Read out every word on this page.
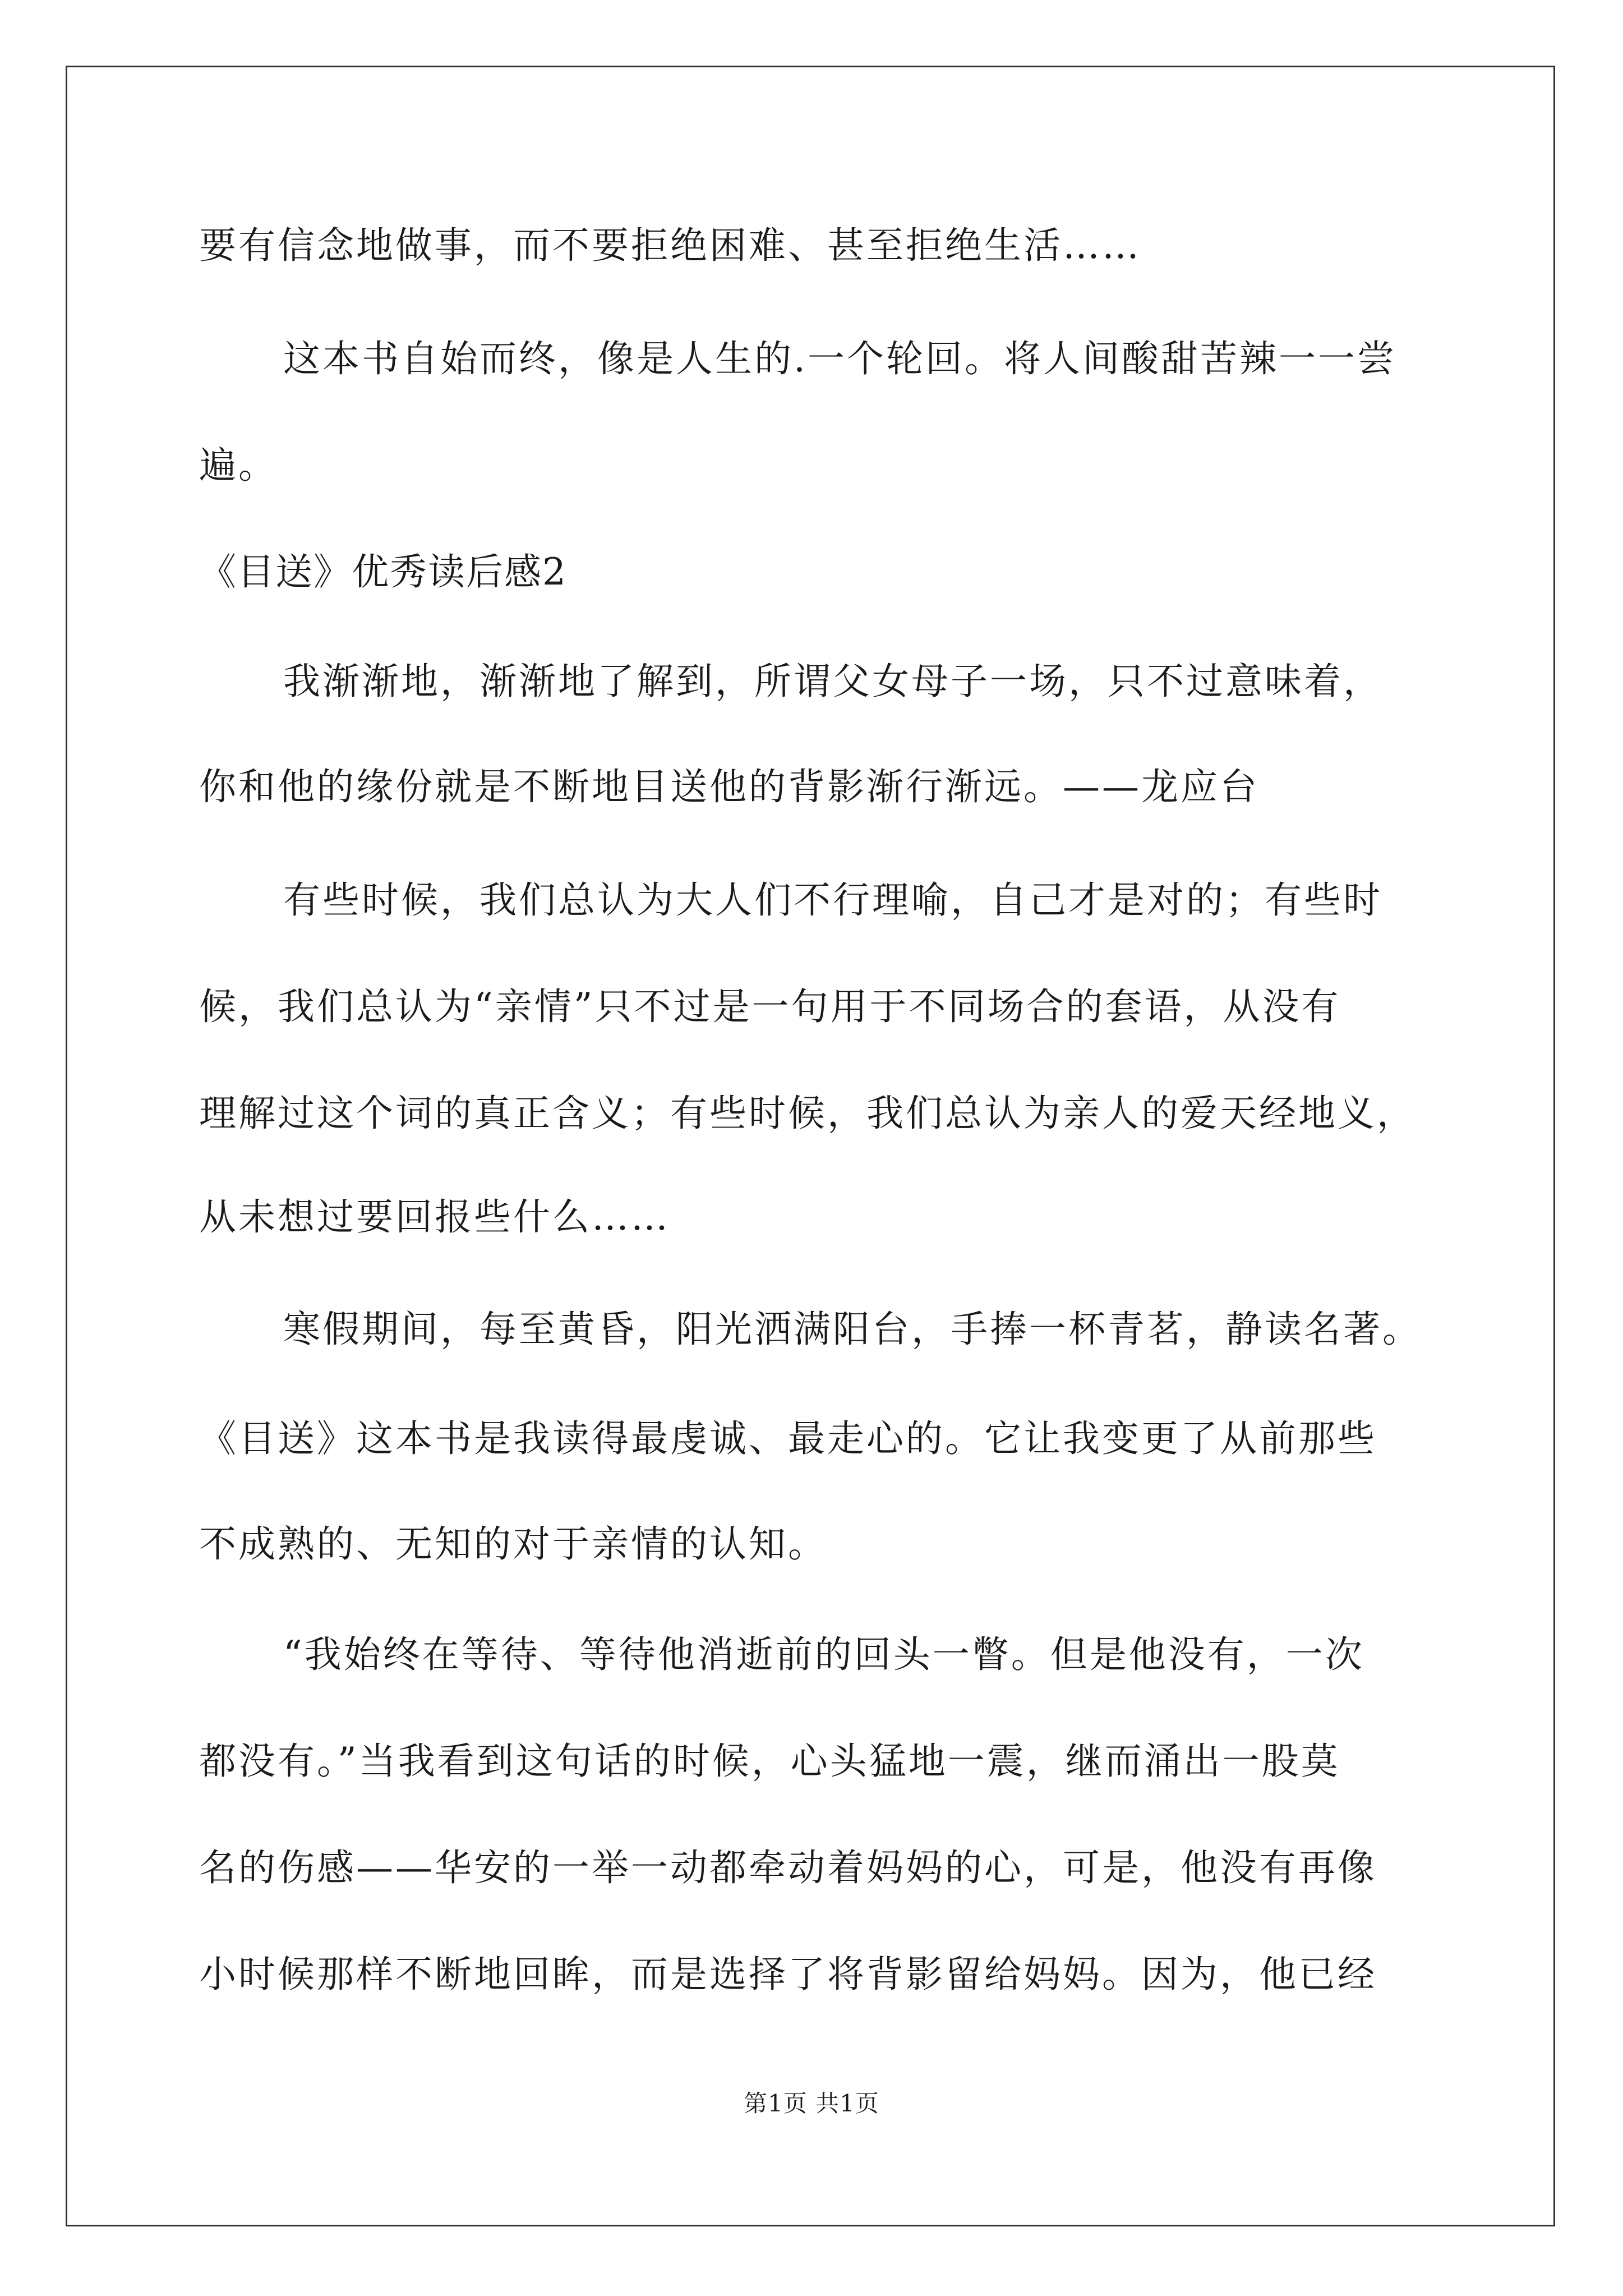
要有信念地做事，而不要拒绝困难、甚至拒绝生活……
这本书自始而终，像是人生的.一个轮回。将人间酸甜苦辣一一尝
遍。
《目送》优秀读后感2
我渐渐地，渐渐地了解到，所谓父女母子一场，只不过意味着，
你和他的缘份就是不断地目送他的背影渐行渐远。——龙应台
有些时候，我们总认为大人们不行理喻，自己才是对的；有些时
候，我们总认为“亲情”只不过是一句用于不同场合的套语，从没有
理解过这个词的真正含义；有些时候，我们总认为亲人的爱天经地义，
从未想过要回报些什么……
寒假期间，每至黄昏，阳光洒满阳台，手捧一杯青茗，静读名著。
《目送》这本书是我读得最虔诚、最走心的。它让我变更了从前那些
不成熟的、无知的对于亲情的认知。
“我始终在等待、等待他消逝前的回头一瞥。但是他没有，一次
都没有。”当我看到这句话的时候，心头猛地一震，继而涌出一股莫
名的伤感——华安的一举一动都牵动着妈妈的心，可是，他没有再像
小时候那样不断地回眸，而是选择了将背影留给妈妈。因为，他已经
第1页 共1页
